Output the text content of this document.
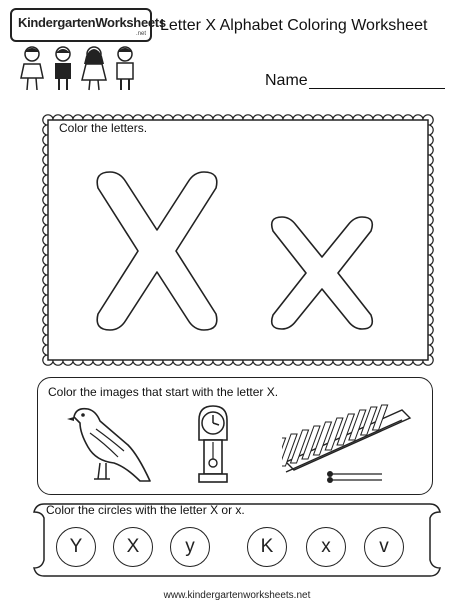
KindergartenWorksheets
.net Letter X Alphabet Coloring Worksheet
Name
Color the letters.
Color the images that start with the letter X.
Color the circles with the letter X or x.
Y X y	K	x	v
www.kindergartenworksheets.net
